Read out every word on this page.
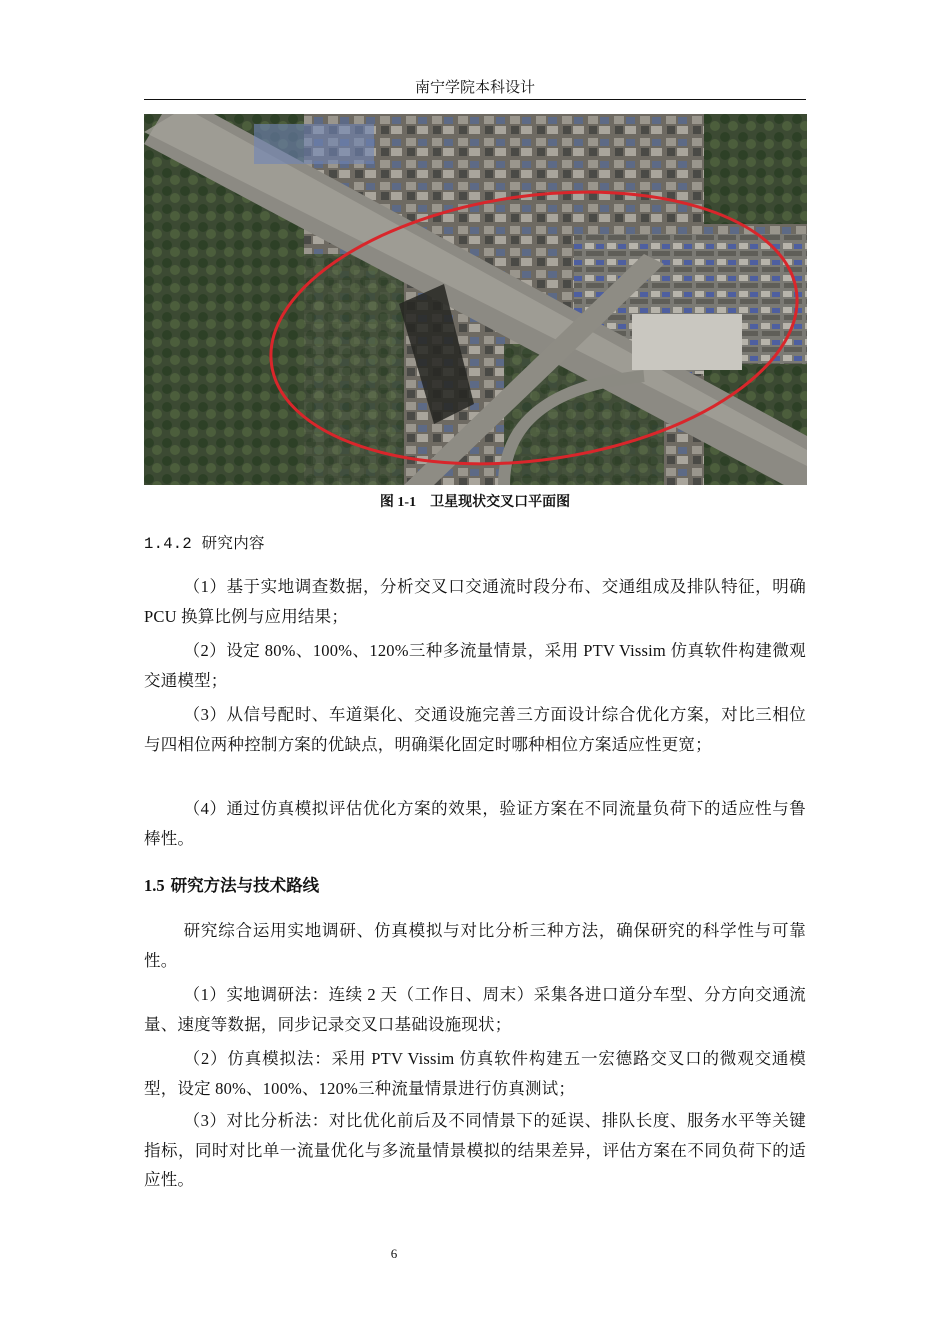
南宁学院本科设计
图 1-1 卫星现状交叉口平面图
1.4.2 研究内容

（1）基于实地调查数据，分析交叉口交通流时段分布、交通组成及排队特征，明确 PCU 换算比例与应用结果；

（2）设定 80%、100%、120%三种多流量情景，采用 PTV Vissim 仿真软件构建微观交通模型；

（3）从信号配时、车道渠化、交通设施完善三方面设计综合优化方案，对比三相位与四相位两种控制方案的优缺点，明确渠化固定时哪种相位方案适应性更宽；

（4）通过仿真模拟评估优化方案的效果，验证方案在不同流量负荷下的适应性与鲁棒性。

1.5 研究方法与技术路线

研究综合运用实地调研、仿真模拟与对比分析三种方法，确保研究的科学性与可靠性。

（1）实地调研法：连续 2 天（工作日、周末）采集各进口道分车型、分方向交通流量、速度等数据，同步记录交叉口基础设施现状；

（2）仿真模拟法：采用 PTV Vissim 仿真软件构建五一宏德路交叉口的微观交通模型，设定 80%、100%、120%三种流量情景进行仿真测试；

（3）对比分析法：对比优化前后及不同情景下的延误、排队长度、服务水平等关键指标，同时对比单一流量优化与多流量情景模拟的结果差异，评估方案在不同负荷下的适应性。

6
